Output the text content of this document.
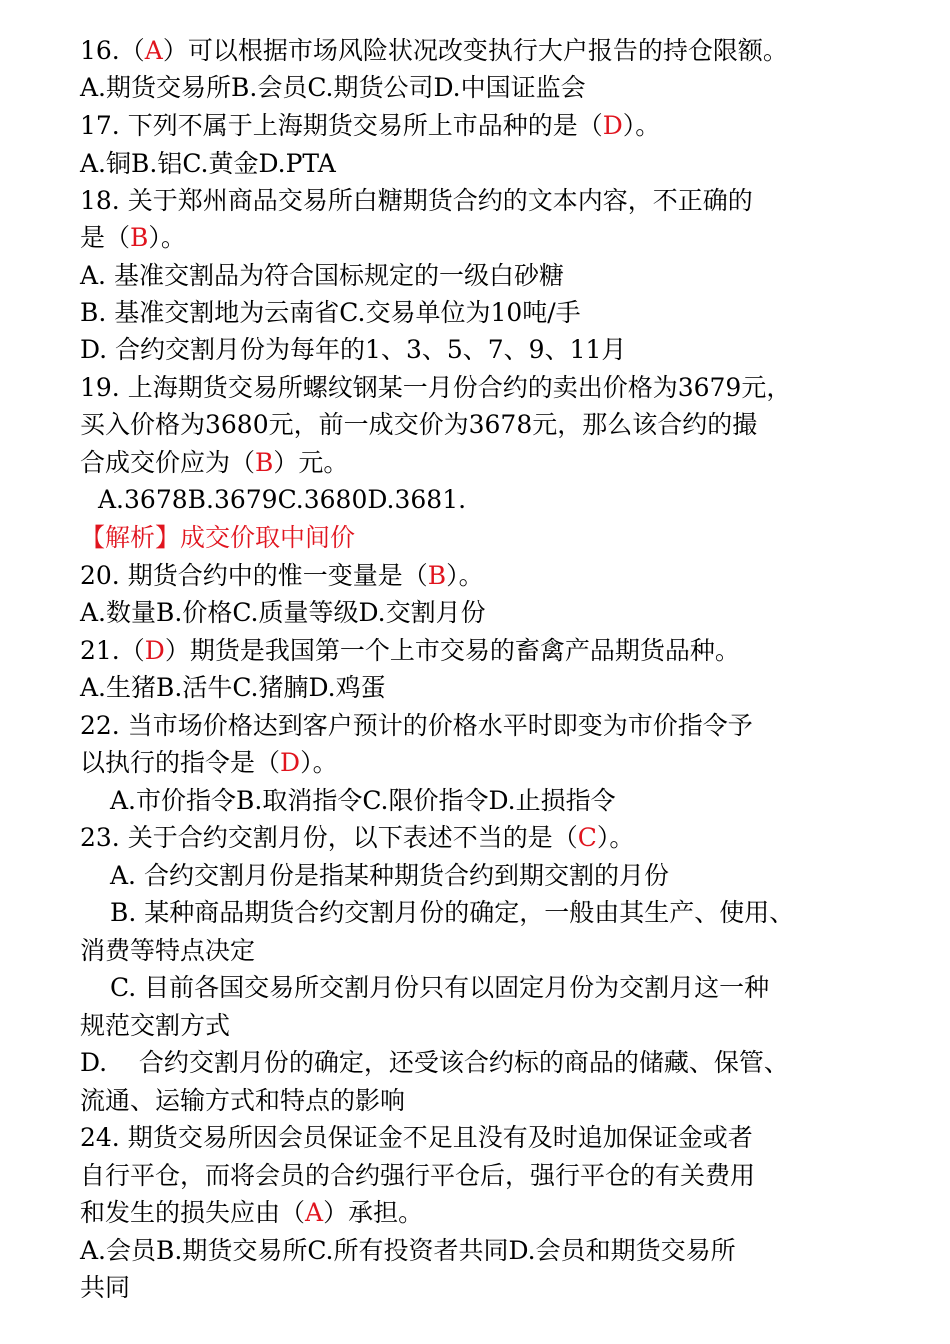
16.（A）可以根据市场风险状况改变执行大户报告的持仓限额。
A.期货交易所B.会员C.期货公司D.中国证监会
17. 下列不属于上海期货交易所上市品种的是（D）。
A.铜B.铝C.黄金D.PTA
18. 关于郑州商品交易所白糖期货合约的文本内容，不正确的
是（B）。
A. 基准交割品为符合国标规定的一级白砂糖
B. 基准交割地为云南省C.交易单位为10吨/手
D. 合约交割月份为每年的1、3、5、7、9、11月
19. 上海期货交易所螺纹钢某一月份合约的卖出价格为3679元，
买入价格为3680元，前一成交价为3678元，那么该合约的撮
合成交价应为（B）元。
A.3678B.3679C.3680D.3681.
【解析】成交价取中间价
20. 期货合约中的惟一变量是（B）。
A.数量B.价格C.质量等级D.交割月份
21.（D）期货是我国第一个上市交易的畜禽产品期货品种。
A.生猪B.活牛C.猪腩D.鸡蛋
22. 当市场价格达到客户预计的价格水平时即变为市价指令予
以执行的指令是（D）。
A.市价指令B.取消指令C.限价指令D.止损指令
23. 关于合约交割月份，以下表述不当的是（C）。
A. 合约交割月份是指某种期货合约到期交割的月份
B. 某种商品期货合约交割月份的确定，一般由其生产、使用、
消费等特点决定
C. 目前各国交易所交割月份只有以固定月份为交割月这一种
规范交割方式
D.    合约交割月份的确定，还受该合约标的商品的储藏、保管、
流通、运输方式和特点的影响
24. 期货交易所因会员保证金不足且没有及时追加保证金或者
自行平仓，而将会员的合约强行平仓后，强行平仓的有关费用
和发生的损失应由（A）承担。
A.会员B.期货交易所C.所有投资者共同D.会员和期货交易所
共同
